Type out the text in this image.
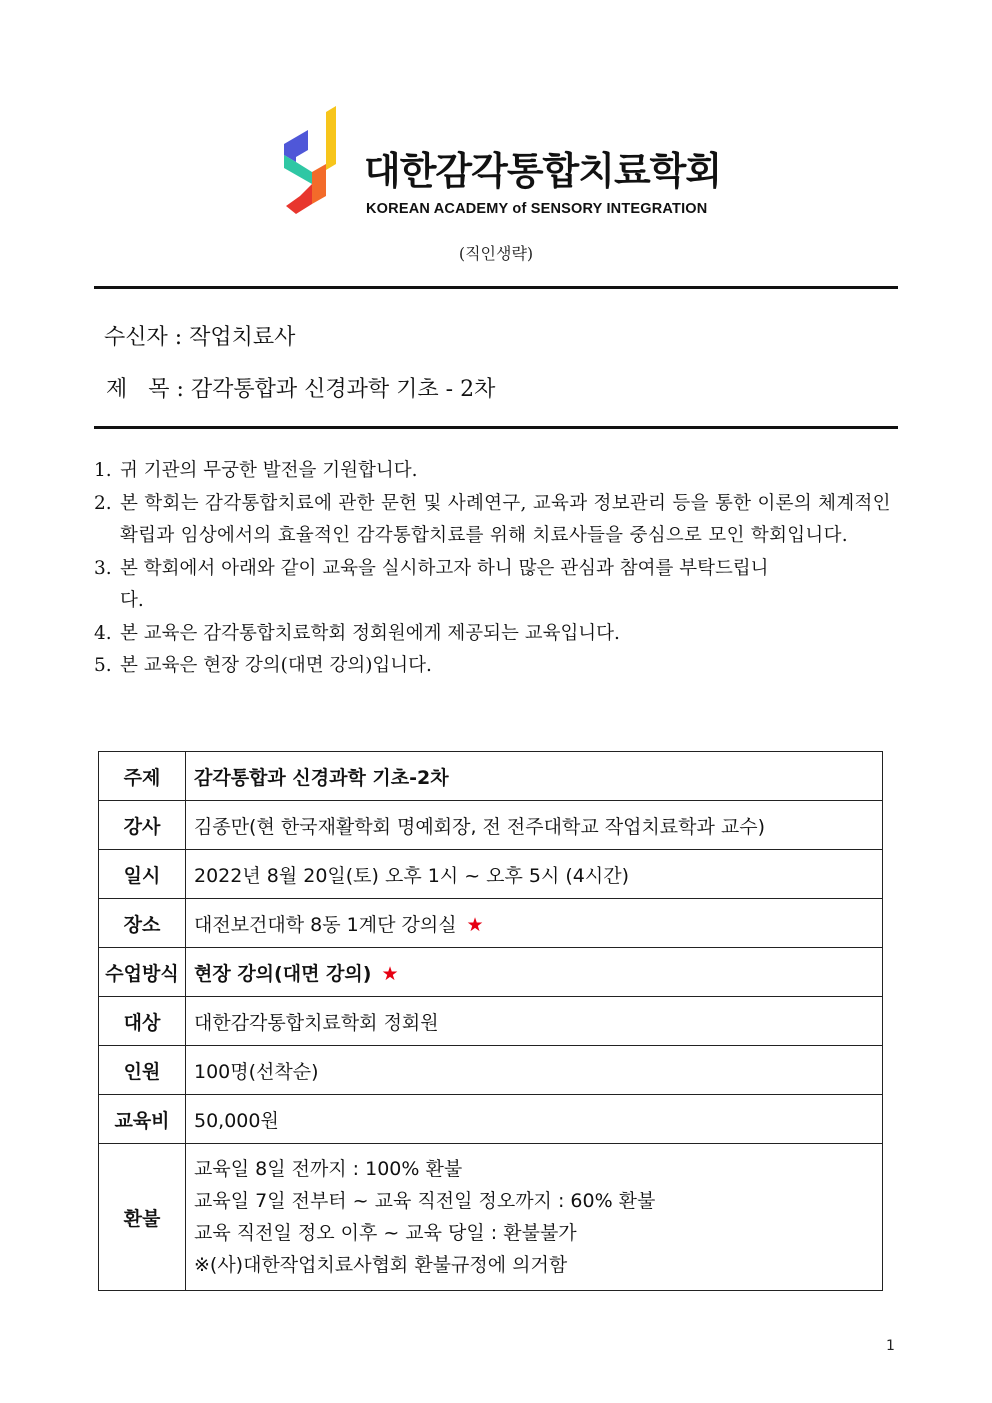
대한감각통합치료학회
KOREAN ACADEMY of SENSORY INTEGRATION
(직인생략)
수신자 : 작업치료사
제   목 : 감각통합과 신경과학 기초 - 2차
1. 귀 기관의 무궁한 발전을 기원합니다.
2. 본 학회는 감각통합치료에 관한 문헌 및 사례연구, 교육과 정보관리 등을 통한 이론의 체계적인 확립과 임상에서의 효율적인 감각통합치료를 위해 치료사들을 중심으로 모인 학회입니다.
3. 본 학회에서 아래와 같이 교육을 실시하고자 하니 많은 관심과 참여를 부탁드립니다.
4. 본 교육은 감각통합치료학회 정회원에게 제공되는 교육입니다.
5. 본 교육은 현장 강의(대면 강의)입니다.
주제	감각통합과 신경과학 기초-2차
강사	김종만(현 한국재활학회 명예회장, 전 전주대학교 작업치료학과 교수)
일시	2022년 8월 20일(토) 오후 1시 ~ 오후 5시 (4시간)
장소	대전보건대학 8동 1계단 강의실 ★
수업방식	현장 강의(대면 강의) ★
대상	대한감각통합치료학회 정회원
인원	100명(선착순)
교육비	50,000원
환불	교육일 8일 전까지 : 100% 환불
교육일 7일 전부터 ~ 교육 직전일 정오까지 : 60% 환불
교육 직전일 정오 이후 ~ 교육 당일 : 환불불가
※(사)대한작업치료사협회 환불규정에 의거함
1
